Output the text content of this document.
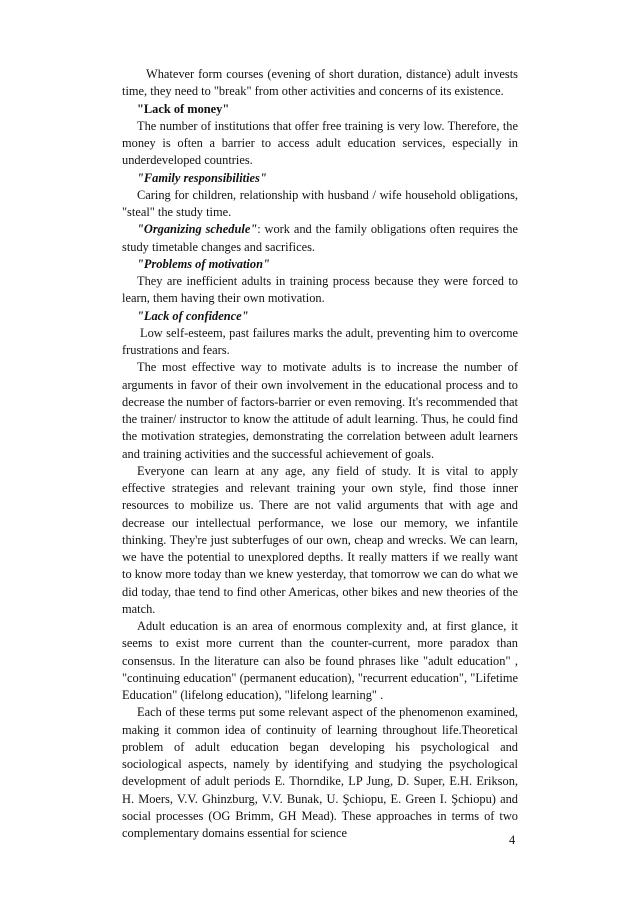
Whatever form courses (evening of short duration, distance) adult invests time, they need to "break" from other activities and concerns of its existence.

"Lack of money"

The number of institutions that offer free training is very low. Therefore, the money is often a barrier to access adult education services, especially in underdeveloped countries.

"Family responsibilities"

Caring for children, relationship with husband / wife household obligations, "steal" the study time.

"Organizing schedule": work and the family obligations often requires the study timetable changes and sacrifices.

"Problems of motivation"

They are inefficient adults in training process because they were forced to learn, them having their own motivation.

"Lack of confidence"

Low self-esteem, past failures marks the adult, preventing him to overcome frustrations and fears.

The most effective way to motivate adults is to increase the number of arguments in favor of their own involvement in the educational process and to decrease the number of factors-barrier or even removing. It's recommended that the trainer/ instructor to know the attitude of adult learning. Thus, he could find the motivation strategies, demonstrating the correlation between adult learners and training activities and the successful achievement of goals.

Everyone can learn at any age, any field of study. It is vital to apply effective strategies and relevant training your own style, find those inner resources to mobilize us. There are not valid arguments that with age and decrease our intellectual performance, we lose our memory, we infantile thinking. They're just subterfuges of our own, cheap and wrecks. We can learn, we have the potential to unexplored depths. It really matters if we really want to know more today than we knew yesterday, that tomorrow we can do what we did today, thae tend to find other Americas, other bikes and new theories of the match.

Adult education is an area of enormous complexity and, at first glance, it seems to exist more current than the counter-current, more paradox than consensus. In the literature can also be found phrases like "adult education" , "continuing education" (permanent education), "recurrent education", "Lifetime Education" (lifelong education), "lifelong learning" .

Each of these terms put some relevant aspect of the phenomenon examined, making it common idea of continuity of learning throughout life.Theoretical problem of adult education began developing his psychological and sociological aspects, namely by identifying and studying the psychological development of adult periods E. Thorndike, LP Jung, D. Super, E.H. Erikson, H. Moers, V.V. Ghinzburg, V.V. Bunak, U. Şchiopu, E. Green I. Şchiopu) and social processes (OG Brimm, GH Mead). These approaches in terms of two complementary domains essential for science	4
